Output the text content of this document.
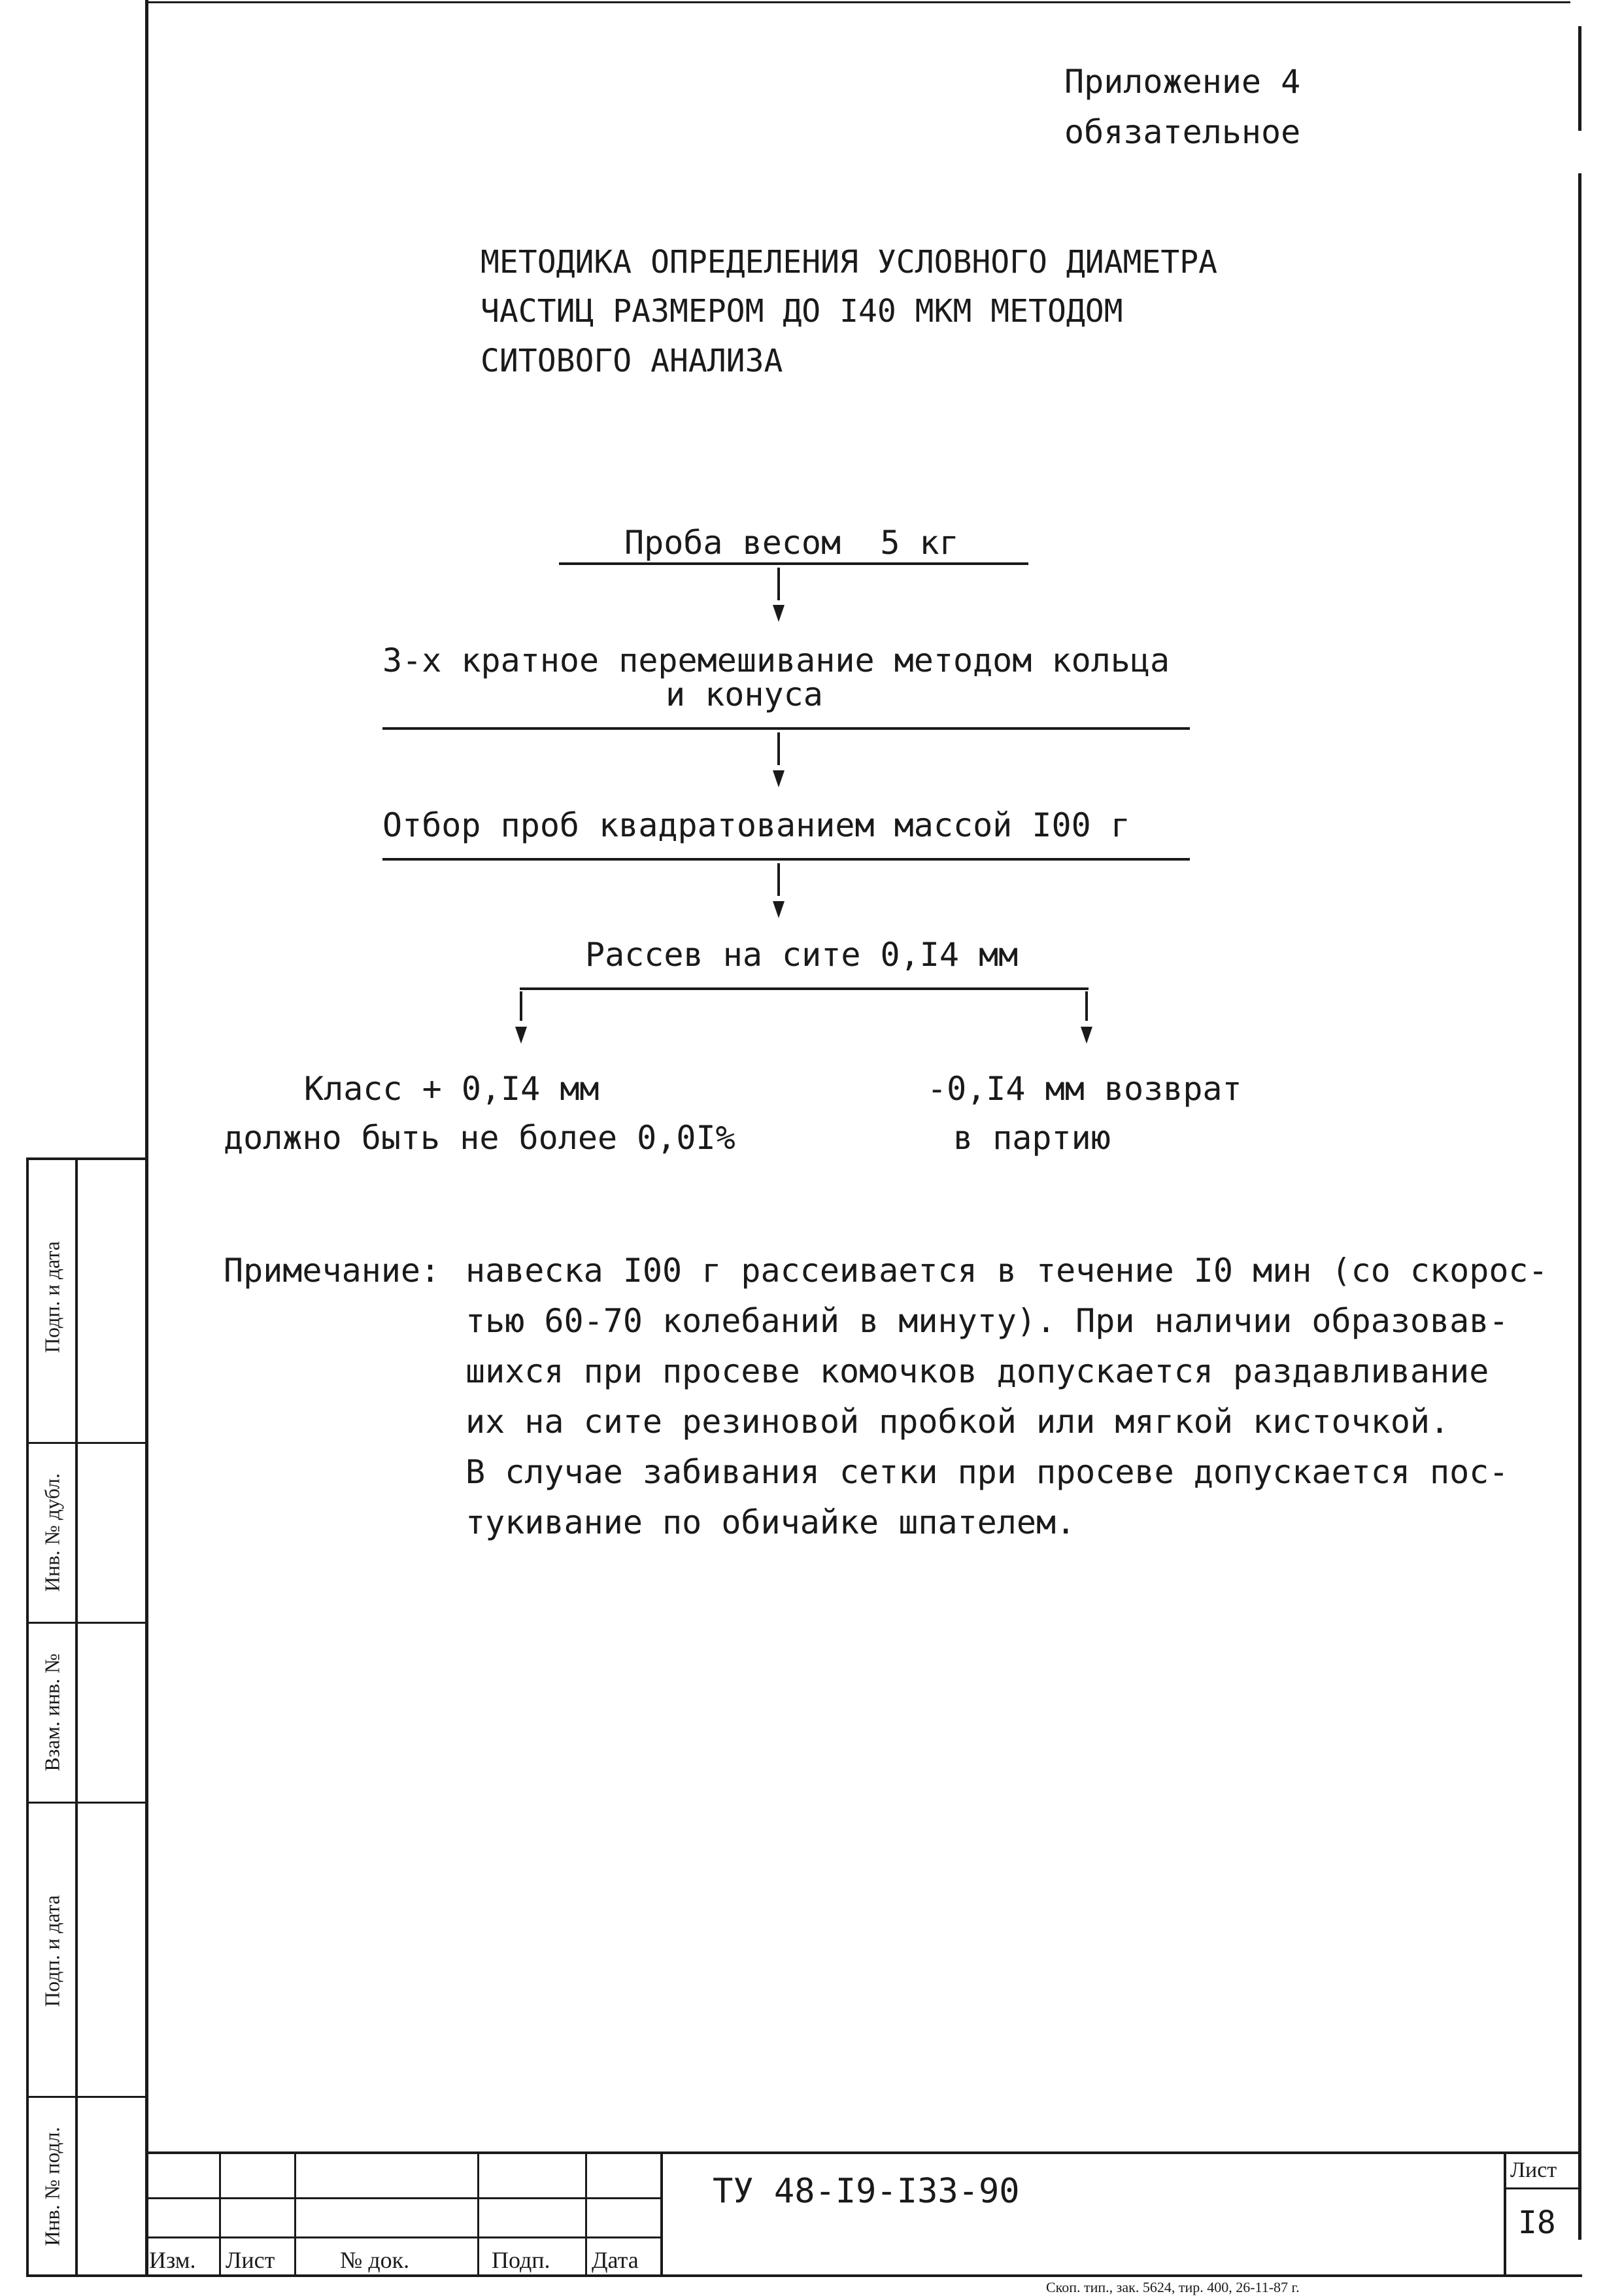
Приложение 4
обязательное
МЕТОДИКА ОПРЕДЕЛЕНИЯ УСЛОВНОГО ДИАМЕТРА
ЧАСТИЦ РАЗМЕРОМ ДО I40 МКМ МЕТОДОМ
СИТОВОГО АНАЛИЗА
Проба весом  5 кг
3-х кратное перемешивание методом кольца
и конуса
Отбор проб квадратованием массой I00 г
Рассев на сите 0,I4 мм
Класс + 0,I4 мм
должно быть не более 0,0I%
-0,I4 мм возврат
в партию
Примечание: навеска I00 г рассеивается в течение I0 мин (со скорос-
тью 60-70 колебаний в минуту). При наличии образовав-
шихся при просеве комочков допускается раздавливание
их на сите резиновой пробкой или мягкой кисточкой.
В случае забивания сетки при просеве допускается пос-
тукивание по обичайке шпателем.
Подп. и дата
Инв. № дубл.
Взам. инв. №
Подп. и дата
Инв. № подл.
Изм. Лист	№ док.	Подп. Дата
ТУ 48-I9-I33-90
Лист
I8
Скоп. тип., зак. 5624, тир. 400, 26-11-87 г.
